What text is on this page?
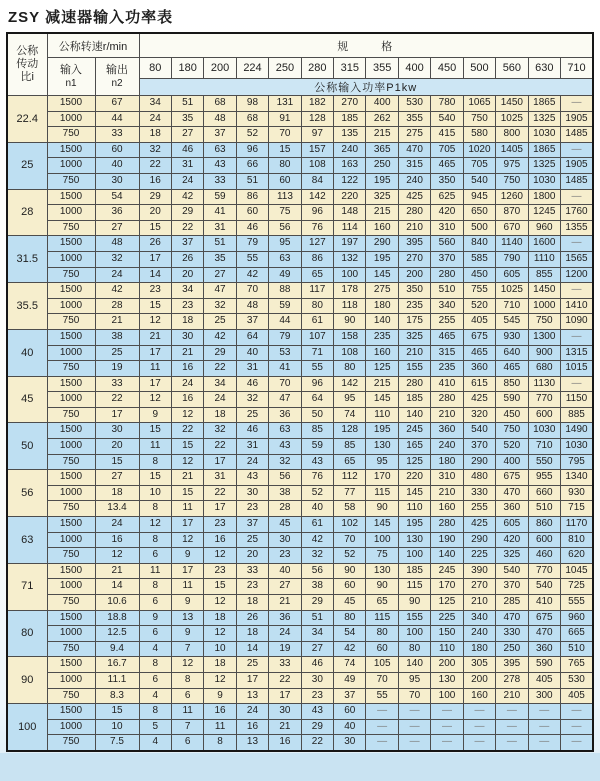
ZSY 减速器输入功率表
公称
传动
比i	公称转速r/min		规 格													

	输入
n1	输出
n2	80	180	200	224	250	280	315	355	400	450	500	560	630	710
			公称输入功率P1kw													
22.4	1500	67	34	51	68	98	131	182	270	400	530	780	1065	1450	1865	—
	1000	44	24	35	48	68	91	128	185	262	355	540	750	1025	1325	1905
	750	33	18	27	37	52	70	97	135	215	275	415	580	800	1030	1485
25	1500	60	32	46	63	96	15	157	240	365	470	705	1020	1405	1865	—
	1000	40	22	31	43	66	80	108	163	250	315	465	705	975	1325	1905
	750	30	16	24	33	51	60	84	122	195	240	350	540	750	1030	1485
28	1500	54	29	42	59	86	113	142	220	325	425	625	945	1260	1800	—
	1000	36	20	29	41	60	75	96	148	215	280	420	650	870	1245	1760
	750	27	15	22	31	46	56	76	114	160	210	310	500	670	960	1355
31.5	1500	48	26	37	51	79	95	127	197	290	395	560	840	1140	1600	—
	1000	32	17	26	35	55	63	86	132	195	270	370	585	790	1110	1565
	750	24	14	20	27	42	49	65	100	145	200	280	450	605	855	1200
35.5	1500	42	23	34	47	70	88	117	178	275	350	510	755	1025	1450	—
	1000	28	15	23	32	48	59	80	118	180	235	340	520	710	1000	1410
	750	21	12	18	25	37	44	61	90	140	175	255	405	545	750	1090
40	1500	38	21	30	42	64	79	107	158	235	325	465	675	930	1300	—
	1000	25	17	21	29	40	53	71	108	160	210	315	465	640	900	1315
	750	19	11	16	22	31	41	55	80	125	155	235	360	465	680	1015
45	1500	33	17	24	34	46	70	96	142	215	280	410	615	850	1130	—
	1000	22	12	16	24	32	47	64	95	145	185	280	425	590	770	1150
	750	17	9	12	18	25	36	50	74	110	140	210	320	450	600	885
50	1500	30	15	22	32	46	63	85	128	195	245	360	540	750	1030	1490
	1000	20	11	15	22	31	43	59	85	130	165	240	370	520	710	1030
	750	15	8	12	17	24	32	43	65	95	125	180	290	400	550	795
56	1500	27	15	21	31	43	56	76	112	170	220	310	480	675	955	1340
	1000	18	10	15	22	30	38	52	77	115	145	210	330	470	660	930
	750	13.4	8	11	17	23	28	40	58	90	110	160	255	360	510	715
63	1500	24	12	17	23	37	45	61	102	145	195	280	425	605	860	1170
	1000	16	8	12	16	25	30	42	70	100	130	190	290	420	600	810
	750	12	6	9	12	20	23	32	52	75	100	140	225	325	460	620
71	1500	21	11	17	23	33	40	56	90	130	185	245	390	540	770	1045
	1000	14	8	11	15	23	27	38	60	90	115	170	270	370	540	725
	750	10.6	6	9	12	18	21	29	45	65	90	125	210	285	410	555
80	1500	18.8	9	13	18	26	36	51	80	115	155	225	340	470	675	960
	1000	12.5	6	9	12	18	24	34	54	80	100	150	240	330	470	665
	750	9.4	4	7	10	14	19	27	42	60	80	110	180	250	360	510
90	1500	16.7	8	12	18	25	33	46	74	105	140	200	305	395	590	765
	1000	11.1	6	8	12	17	22	30	49	70	95	130	200	278	405	530
	750	8.3	4	6	9	13	17	23	37	55	70	100	160	210	300	405
100	1500	15	8	11	16	24	30	43	60	—	—	—	—	—	—	—
	1000	10	5	7	11	16	21	29	40	—	—	—	—	—	—	—
	750	7.5	4	6	8	13	16	22	30	—	—	—	—	—	—	—
